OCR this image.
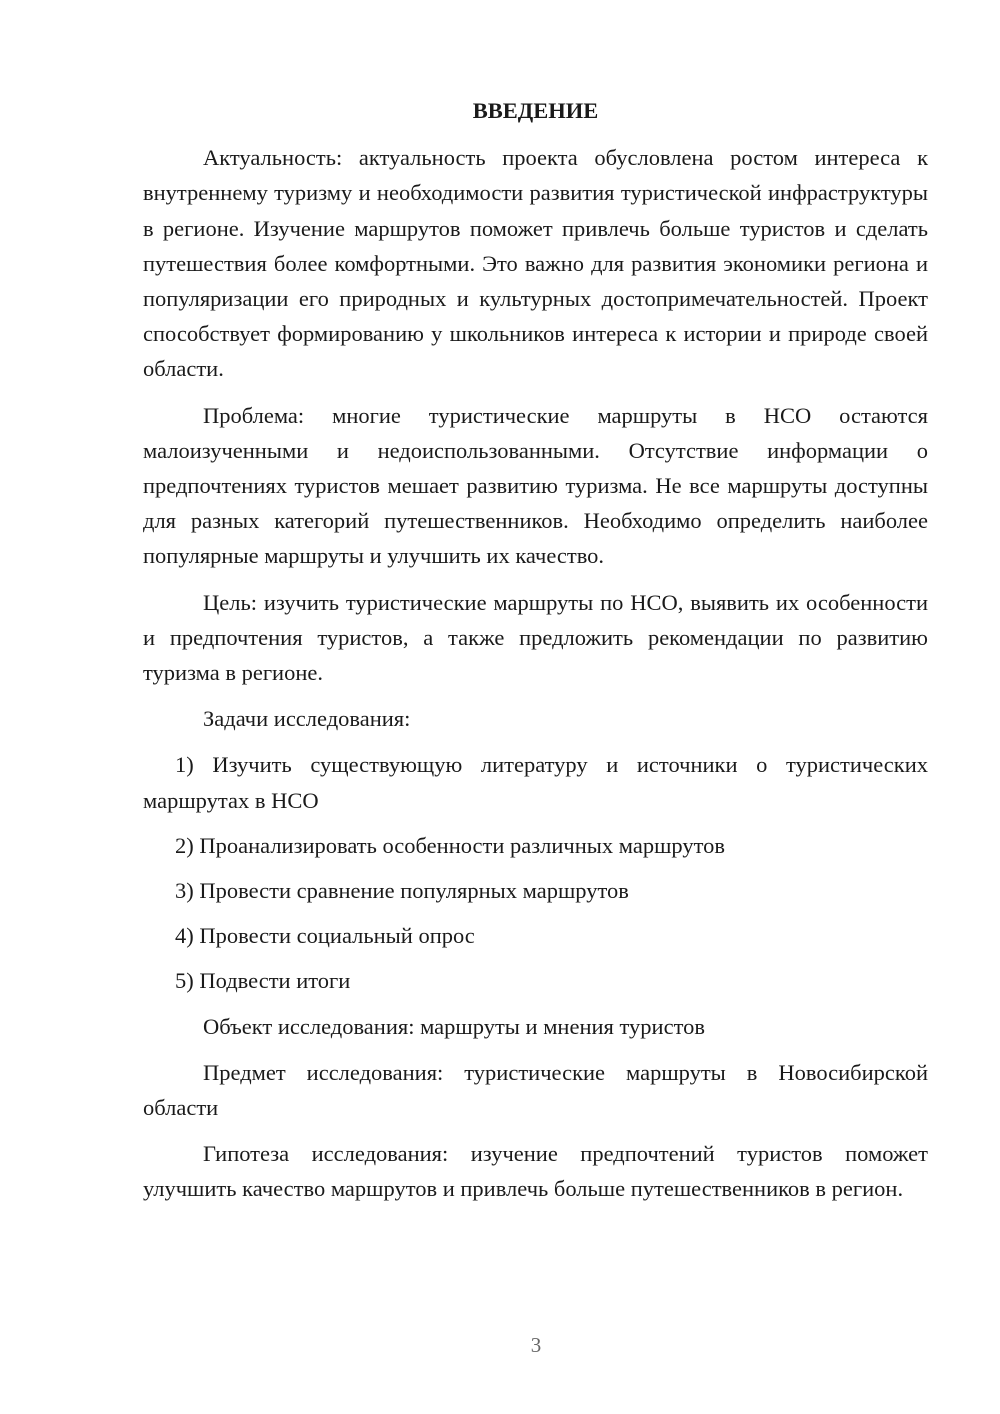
ВВЕДЕНИЕ

Актуальность: актуальность проекта обусловлена ростом интереса к внутреннему туризму и необходимости развития туристической инфраструктуры в регионе. Изучение маршрутов поможет привлечь больше туристов и сделать путешествия более комфортными. Это важно для развития экономики региона и популяризации его природных и культурных достопримечательностей. Проект способствует формированию у школьников интереса к истории и природе своей области.

Проблема: многие туристические маршруты в НСО остаются малоизученными и недоиспользованными. Отсутствие информации о предпочтениях туристов мешает развитию туризма. Не все маршруты доступны для разных категорий путешественников. Необходимо определить наиболее популярные маршруты и улучшить их качество.

Цель: изучить туристические маршруты по НСО, выявить их особенности и предпочтения туристов, а также предложить рекомендации по развитию туризма в регионе.

Задачи исследования:

1) Изучить существующую литературу и источники о туристических маршрутах в НСО

2) Проанализировать особенности различных маршрутов

3) Провести сравнение популярных маршрутов

4) Провести социальный опрос

5) Подвести итоги

Объект исследования: маршруты и мнения туристов

Предмет исследования: туристические маршруты в Новосибирской области

Гипотеза исследования: изучение предпочтений туристов поможет улучшить качество маршрутов и привлечь больше путешественников в регион.

3
